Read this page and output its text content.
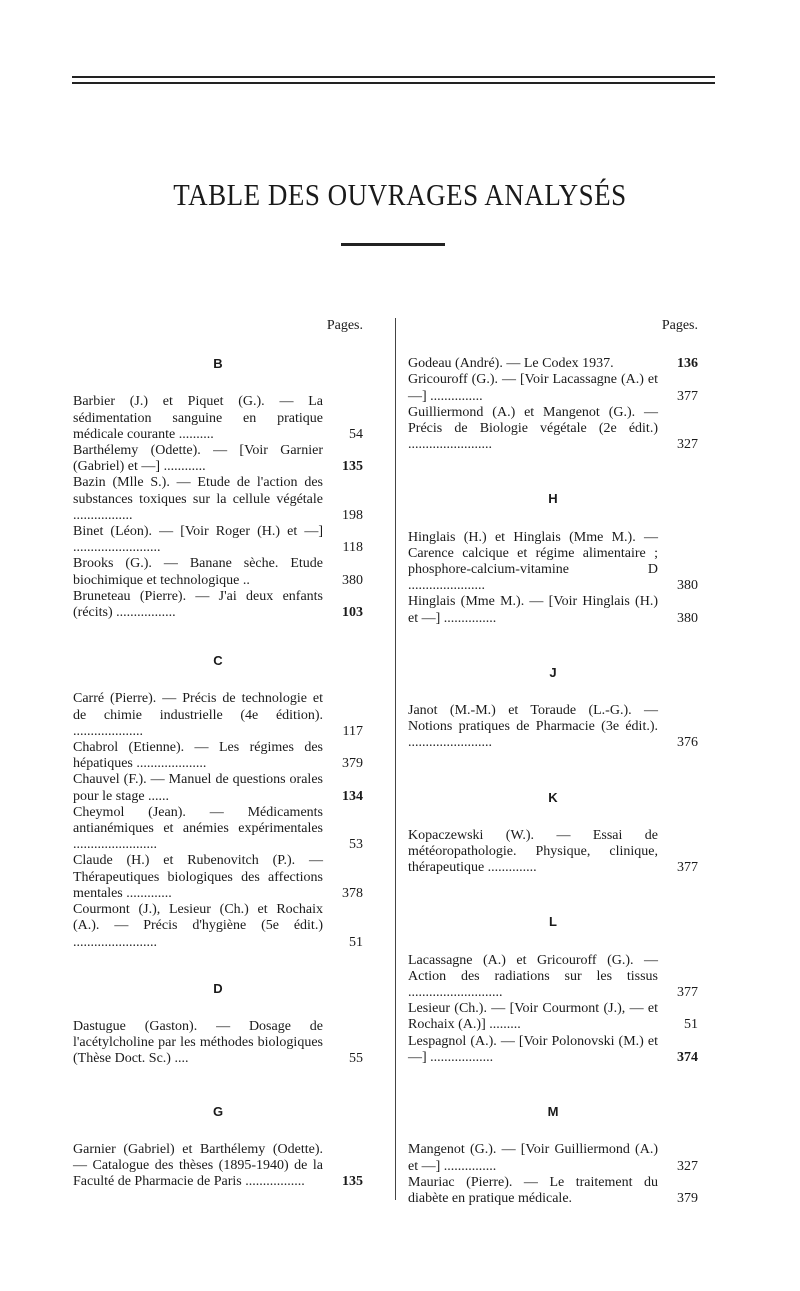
TABLE DES OUVRAGES ANALYSÉS
Pages.
B

Barbier (J.) et Piquet (G.). — La sédimentation sanguine en pratique médicale courante ..........	54

Barthélemy (Odette). — [Voir Garnier (Gabriel) et —] ............	135

Bazin (Mlle S.). — Etude de l'action des substances toxiques sur la cellule végétale .................	198

Binet (Léon). — [Voir Roger (H.) et —] .........................	118

Brooks (G.). — Banane sèche. Etude biochimique et technologique ..	380

Bruneteau (Pierre). — J'ai deux enfants (récits) .................	103

C

Carré (Pierre). — Précis de technologie et de chimie industrielle (4e édition). ....................	117

Chabrol (Etienne). — Les régimes des hépatiques ....................	379

Chauvel (F.). — Manuel de questions orales pour le stage ......	134

Cheymol (Jean). — Médicaments antianémiques et anémies expérimentales ........................	53

Claude (H.) et Rubenovitch (P.). — Thérapeutiques biologiques des affections mentales .............	378

Courmont (J.), Lesieur (Ch.) et Rochaix (A.). — Précis d'hygiène (5e édit.) ........................	51

D

Dastugue (Gaston). — Dosage de l'acétylcholine par les méthodes biologiques (Thèse Doct. Sc.) ....	55

G

Garnier (Gabriel) et Barthélemy (Odette). — Catalogue des thèses (1895-1940) de la Faculté de Pharmacie de Paris .................	135

Pages.

Godeau (André). — Le Codex 1937.	136

Gricouroff (G.). — [Voir Lacassagne (A.) et —] ...............	377

Guilliermond (A.) et Mangenot (G.). — Précis de Biologie végétale (2e édit.) ........................	327

H

Hinglais (H.) et Hinglais (Mme M.). — Carence calcique et régime alimentaire ; phosphore-calcium-vitamine D ......................	380

Hinglais (Mme M.). — [Voir Hinglais (H.) et —] ...............	380

J

Janot (M.-M.) et Toraude (L.-G.). — Notions pratiques de Pharmacie (3e édit.). ........................	376

K

Kopaczewski (W.). — Essai de météoropathologie. Physique, clinique, thérapeutique ..............	377

L

Lacassagne (A.) et Gricouroff (G.). — Action des radiations sur les tissus ...........................	377

Lesieur (Ch.). — [Voir Courmont (J.), — et Rochaix (A.)] .........	51

Lespagnol (A.). — [Voir Polonovski (M.) et —] ..................	374

M

Mangenot (G.). — [Voir Guilliermond (A.) et —] ...............	327

Mauriac (Pierre). — Le traitement du diabète en pratique médicale.	379
